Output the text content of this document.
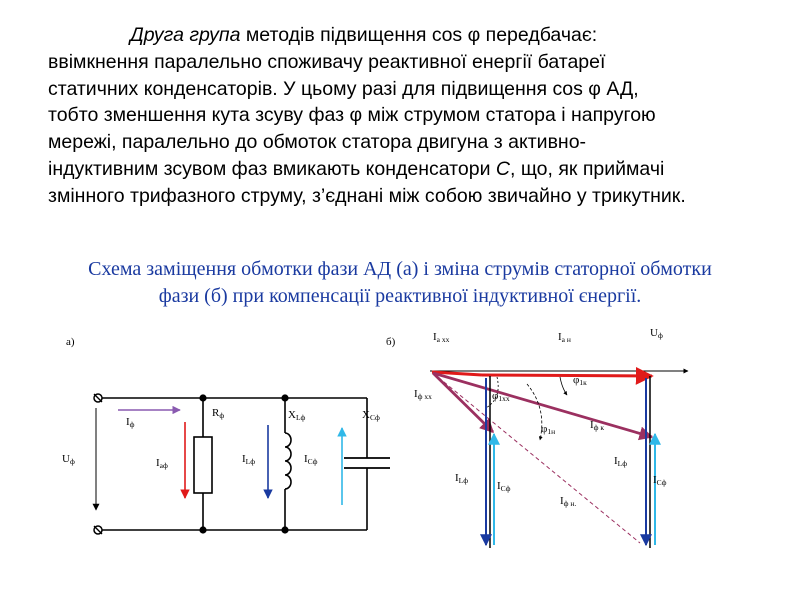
Друга група методів підвищення cos φ передбачає:
ввімкнення паралельно споживачу реактивної енергії батареї
статичних конденсаторів. У цьому разі для підвищення cos φ АД,
тобто зменшення кута зсуву фаз φ між струмом статора і напругою
мережі, паралельно до обмоток статора двигуна з активно-
індуктивним зсувом фаз вмикають конденсатори C, що, як приймачі
змінного трифазного струму, з’єднані між собою звичайно у трикутник.
Схема заміщення обмотки фази АД (а) і зміна струмів статорної обмотки
фази (б) при компенсації реактивної індуктивної єнергії.
а)
Uф
Iф
Rф
Iаф
XLф
ILф	ICф
XCф
б)	Ia xx	Ia н
Uф
Iф xx
φ1к
φ1xx
Iф к
φ1н
ILф	ICф
ILф
ICф
Iф н.
